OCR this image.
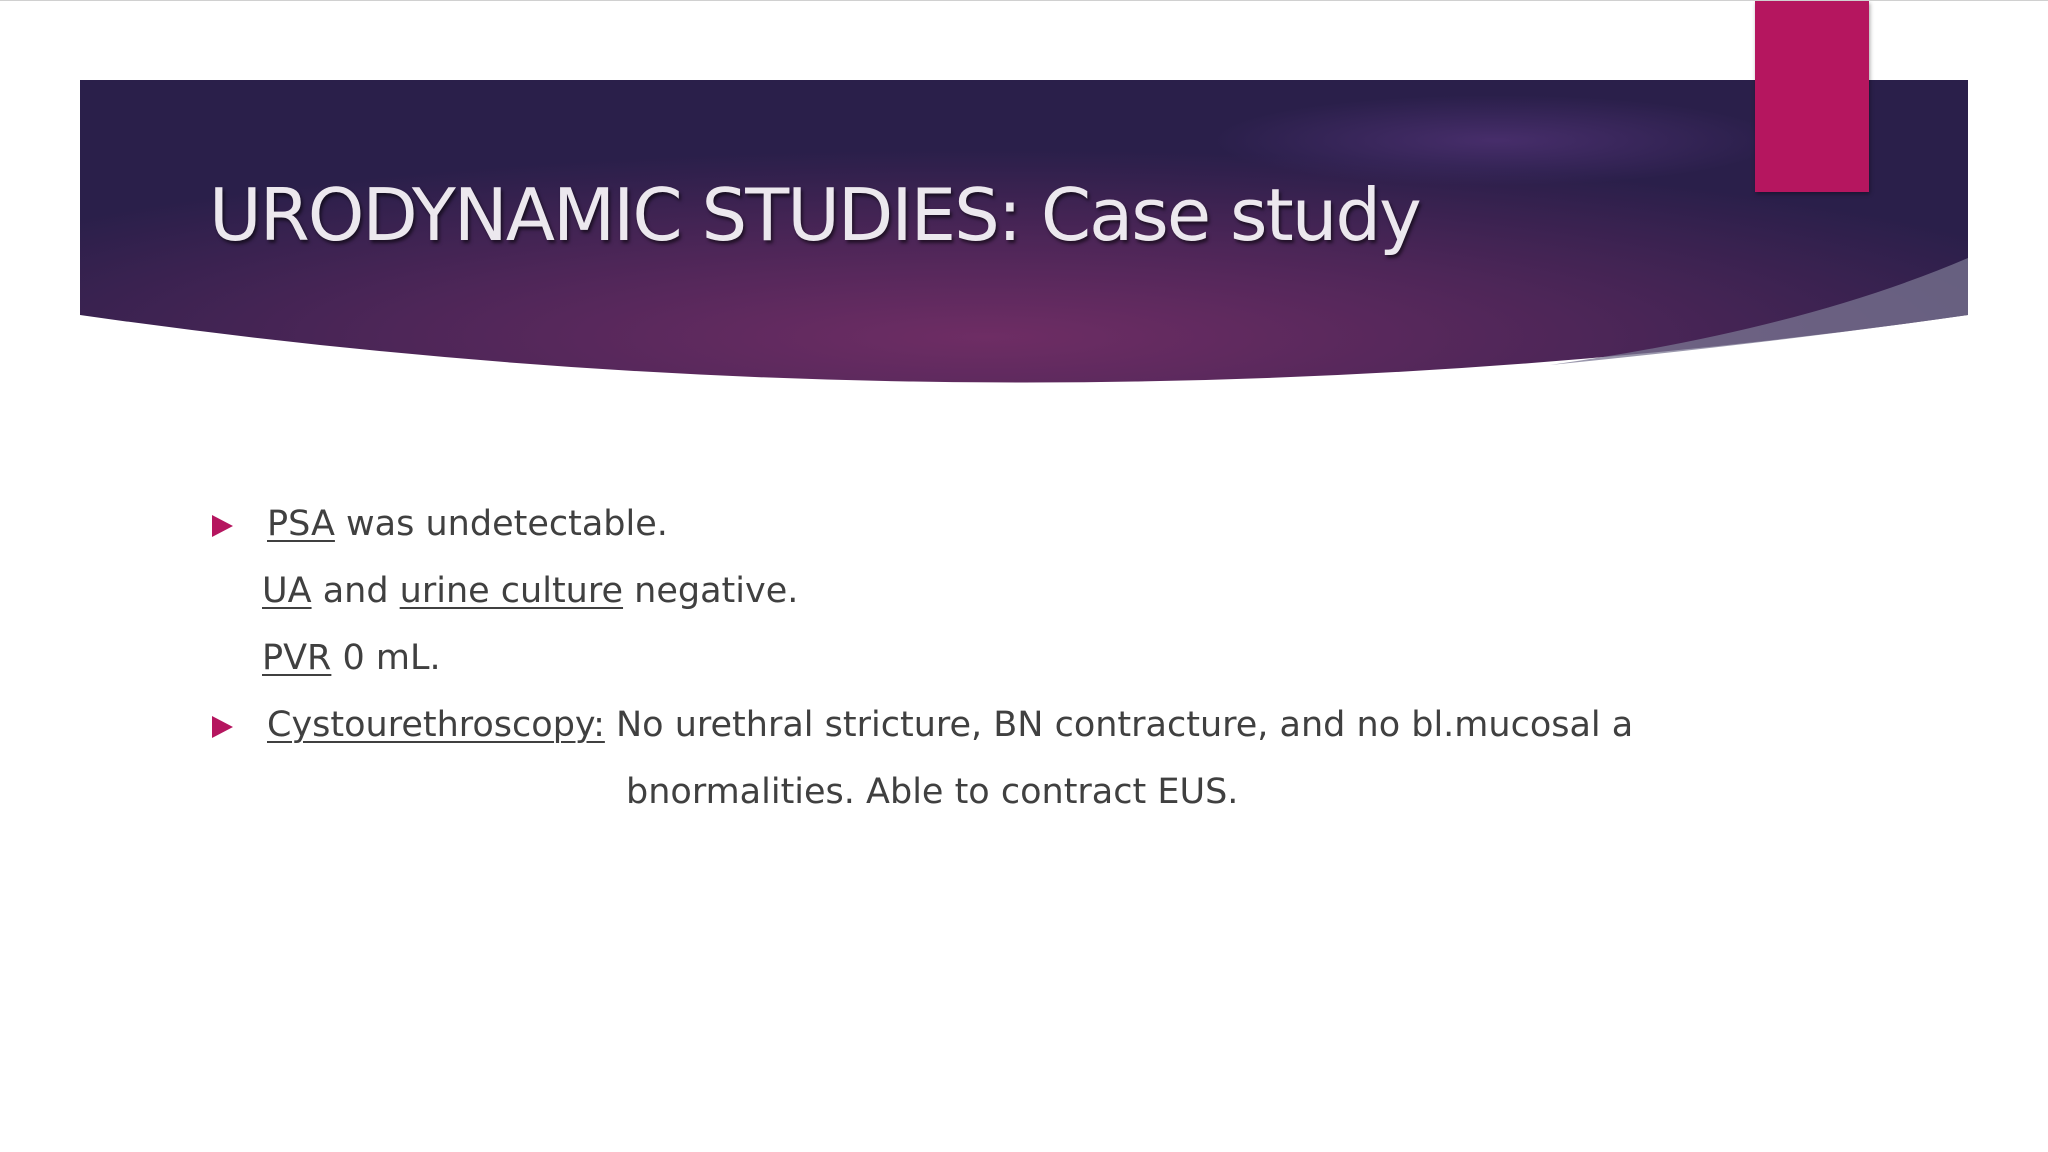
URODYNAMIC STUDIES: Case study
PSA was undetectable.
UA and urine culture negative.
PVR 0 mL.
Cystourethroscopy: No urethral stricture, BN contracture, and no bl.mucosal a
bnormalities. Able to contract EUS.
